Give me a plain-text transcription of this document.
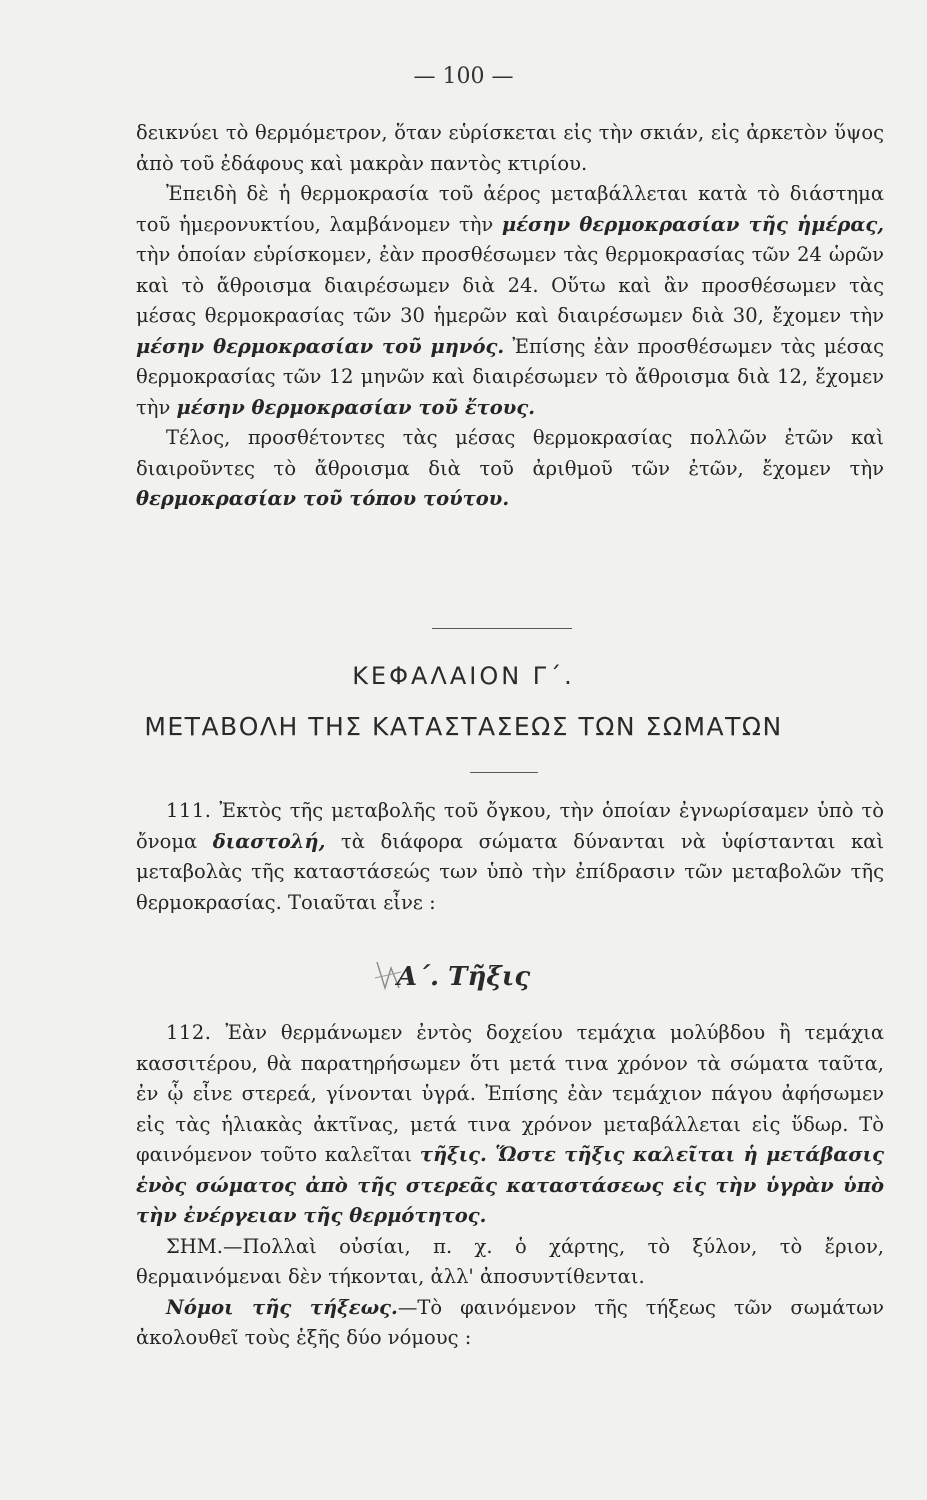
— 100 —

δεικνύει τὸ θερμόμετρον, ὅταν εὑρίσκεται εἰς τὴν σκιάν, εἰς ἀρκετὸν ὕψος ἀπὸ τοῦ ἐδάφους καὶ μακρὰν παντὸς κτιρίου.

Ἐπειδὴ δὲ ἡ θερμοκρασία τοῦ ἀέρος μεταβάλλεται κατὰ τὸ διάστημα τοῦ ἡμερονυκτίου, λαμβάνομεν τὴν μέσην θερμοκρασίαν τῆς ἡμέρας, τὴν ὁποίαν εὑρίσκομεν, ἐὰν προσθέσωμεν τὰς θερμοκρασίας τῶν 24 ὡρῶν καὶ τὸ ἄθροισμα διαιρέσωμεν διὰ 24. Οὕτω καὶ ἂν προσθέσωμεν τὰς μέσας θερμοκρασίας τῶν 30 ἡμερῶν καὶ διαιρέσωμεν διὰ 30, ἔχομεν τὴν μέσην θερμοκρασίαν τοῦ μηνός. Ἐπίσης ἐὰν προσθέσωμεν τὰς μέσας θερμοκρασίας τῶν 12 μηνῶν καὶ διαιρέσωμεν τὸ ἄθροισμα διὰ 12, ἔχομεν τὴν μέσην θερμοκρασίαν τοῦ ἔτους.

Τέλος, προσθέτοντες τὰς μέσας θερμοκρασίας πολλῶν ἐτῶν καὶ διαιροῦντες τὸ ἄθροισμα διὰ τοῦ ἀριθμοῦ τῶν ἐτῶν, ἔχομεν τὴν θερμοκρασίαν τοῦ τόπου τούτου.

ΚΕΦΑΛΑΙΟΝ Γ΄.
ΜΕΤΑΒΟΛΗ ΤΗΣ ΚΑΤΑΣΤΑΣΕΩΣ ΤΩΝ ΣΩΜΑΤΩΝ

111. Ἐκτὸς τῆς μεταβολῆς τοῦ ὄγκου, τὴν ὁποίαν ἐγνωρίσαμεν ὑπὸ τὸ ὄνομα διαστολή, τὰ διάφορα σώματα δύνανται νὰ ὑφίστανται καὶ μεταβολὰς τῆς καταστάσεώς των ὑπὸ τὴν ἐπίδρασιν τῶν μεταβολῶν τῆς θερμοκρασίας. Τοιαῦται εἶνε :

Α΄. Τῆξις

112. Ἐὰν θερμάνωμεν ἐντὸς δοχείου τεμάχια μολύβδου ἢ τεμάχια κασσιτέρου, θὰ παρατηρήσωμεν ὅτι μετά τινα χρόνον τὰ σώματα ταῦτα, ἐν ᾧ εἶνε στερεά, γίνονται ὑγρά. Ἐπίσης ἐὰν τεμάχιον πάγου ἀφήσωμεν εἰς τὰς ἡλιακὰς ἀκτῖνας, μετά τινα χρόνον μεταβάλλεται εἰς ὕδωρ. Τὸ φαινόμενον τοῦτο καλεῖται τῆξις. Ὥστε τῆξις καλεῖται ἡ μετάβασις ἑνὸς σώματος ἀπὸ τῆς στερεᾶς καταστάσεως εἰς τὴν ὑγρὰν ὑπὸ τὴν ἐνέργειαν τῆς θερμότητος.

ΣΗΜ.—Πολλαὶ οὐσίαι, π. χ. ὁ χάρτης, τὸ ξύλον, τὸ ἔριον, θερμαινόμεναι δὲν τήκονται, ἀλλ' ἀποσυντίθενται.

Νόμοι τῆς τήξεως.—Τὸ φαινόμενον τῆς τήξεως τῶν σωμάτων ἀκολουθεῖ τοὺς ἑξῆς δύο νόμους :
